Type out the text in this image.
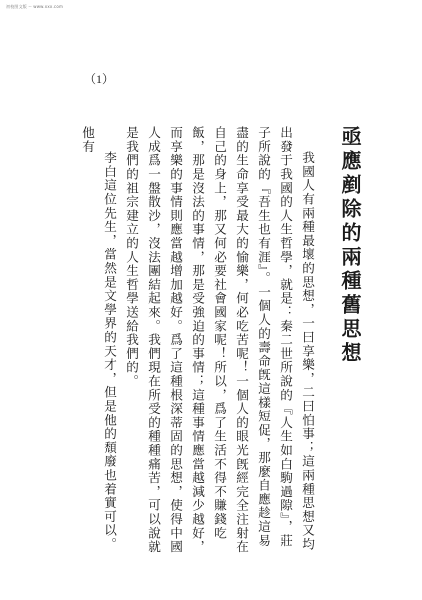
初校图文版 -- www.xxx.com
（1）
亟應剷除的兩種舊思想

我國人有兩種最壞的思想，一曰享樂，二曰怕事；這兩種思想又均出發于我國的人生哲學，就是：秦二世所說的『人生如白駒過隙』，莊子所說的『吾生也有涯』。一個人的壽命旣這樣短促，那麼自應趁這易盡的生命享受最大的愉樂，何必吃苦呢！一個人的眼光旣經完全注射在自己的身上，那又何必要社會國家呢！所以，爲了生活不得不賺錢吃飯，那是沒法的事情，那是受強迫的事情；這種事情應當越減少越好，而享樂的事情則應當越增加越好。爲了這種根深蒂固的思想，使得中國人成爲一盤散沙，沒法團結起來。我們現在所受的種種痛苦，可以說就是我們的祖宗建立的人生哲學送給我們的。

李白這位先生，當然是文學界的天才，但是他的頹廢也着實可以。他有
